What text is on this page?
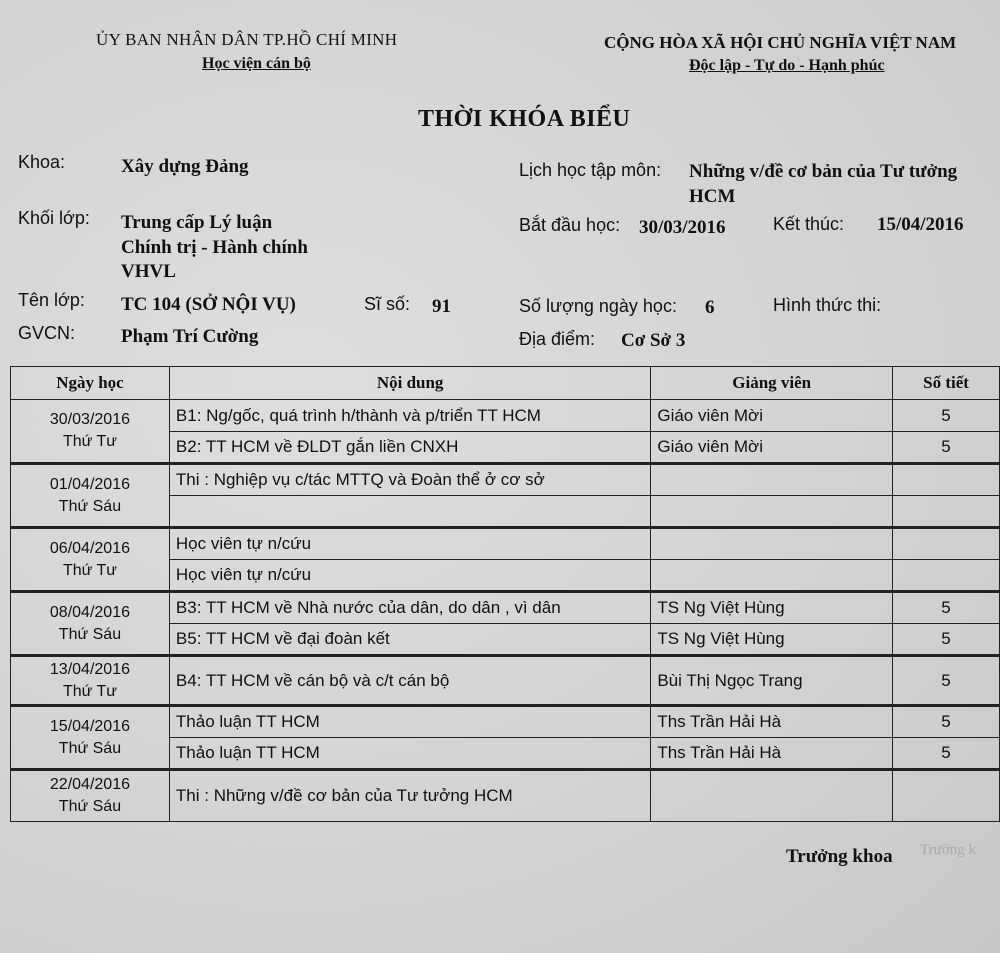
ỦY BAN NHÂN DÂN TP.HỒ CHÍ MINH
Học viện cán bộ
CỘNG HÒA XÃ HỘI CHỦ NGHĨA VIỆT NAM
Độc lập - Tự do - Hạnh phúc
THỜI KHÓA BIỂU
Khoa:	Xây dựng Đảng
Khối lớp: Trung cấp Lý luận
Chính trị - Hành chính
VHVL
Tên lớp: TC 104 (SỞ NỘI VỤ)	Sĩ số: 91
GVCN: Phạm Trí Cường
Lịch học tập môn: Những v/đề cơ bản của Tư tưởng
HCM
Bắt đầu học: 30/03/2016	Kết thúc: 15/04/2016
Số lượng ngày học: 6	Hình thức thi:
Địa điểm: Cơ Sở 3
Ngày học	Nội dung	Giảng viên	Số tiết

30/03/2016
Thứ Tư	B1: Ng/gốc, quá trình h/thành và p/triển TT HCM	Giáo viên Mời	5
	B2: TT HCM về ĐLDT gắn liền CNXH	Giáo viên Mời	5

01/04/2016
Thứ Sáu	Thi : Nghiệp vụ c/tác MTTQ và Đoàn thể ở cơ sở		

06/04/2016
Thứ Tư	Học viên tự n/cứu		
	Học viên tự n/cứu		

08/04/2016
Thứ Sáu	B3: TT HCM về Nhà nước của dân, do dân , vì dân	TS Ng Việt Hùng	5
	B5: TT HCM về đại đoàn kết	TS Ng Việt Hùng	5

13/04/2016
Thứ Tư	B4: TT HCM về cán bộ và c/t cán bộ	Bùi Thị Ngọc Trang	5

15/04/2016
Thứ Sáu	Thảo luận TT HCM	Ths Trần Hải Hà	5
	Thảo luận TT HCM	Ths Trần Hải Hà	5

22/04/2016
Thứ Sáu	Thi : Những v/đề cơ bản của Tư tưởng HCM		
Trưởng khoa Trưởng k
